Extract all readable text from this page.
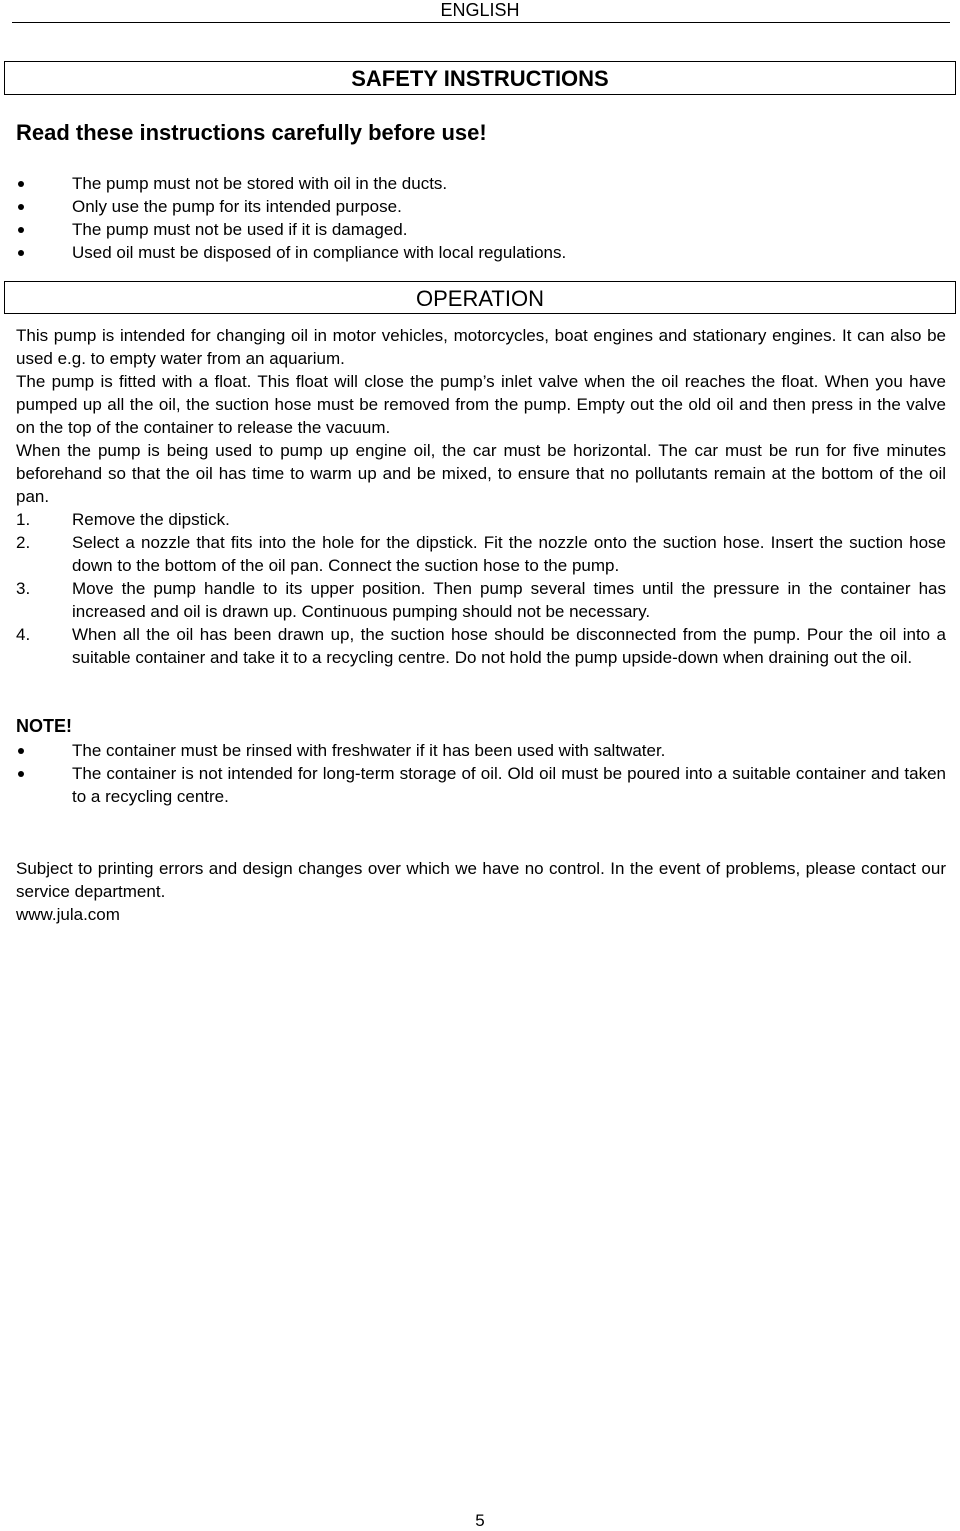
ENGLISH
SAFETY INSTRUCTIONS
Read these instructions carefully before use!
The pump must not be stored with oil in the ducts.
Only use the pump for its intended purpose.
The pump must not be used if it is damaged.
Used oil must be disposed of in compliance with local regulations.
OPERATION

This pump is intended for changing oil in motor vehicles, motorcycles, boat engines and stationary engines. It can also be used e.g. to empty water from an aquarium.

The pump is fitted with a float. This float will close the pump’s inlet valve when the oil reaches the float. When you have pumped up all the oil, the suction hose must be removed from the pump. Empty out the old oil and then press in the valve on the top of the container to release the vacuum.

When the pump is being used to pump up engine oil, the car must be horizontal. The car must be run for five minutes beforehand so that the oil has time to warm up and be mixed, to ensure that no pollutants remain at the bottom of the oil pan.

1. Remove the dipstick.
2. Select a nozzle that fits into the hole for the dipstick. Fit the nozzle onto the suction hose. Insert the suction hose down to the bottom of the oil pan. Connect the suction hose to the pump.
3. Move the pump handle to its upper position. Then pump several times until the pressure in the container has increased and oil is drawn up. Continuous pumping should not be necessary.
4. When all the oil has been drawn up, the suction hose should be disconnected from the pump. Pour the oil into a suitable container and take it to a recycling centre. Do not hold the pump upside-down when draining out the oil.
NOTE!
The container must be rinsed with freshwater if it has been used with saltwater.
The container is not intended for long-term storage of oil. Old oil must be poured into a suitable container and taken to a recycling centre.

Subject to printing errors and design changes over which we have no control. In the event of problems, please contact our service department.

www.jula.com

5
